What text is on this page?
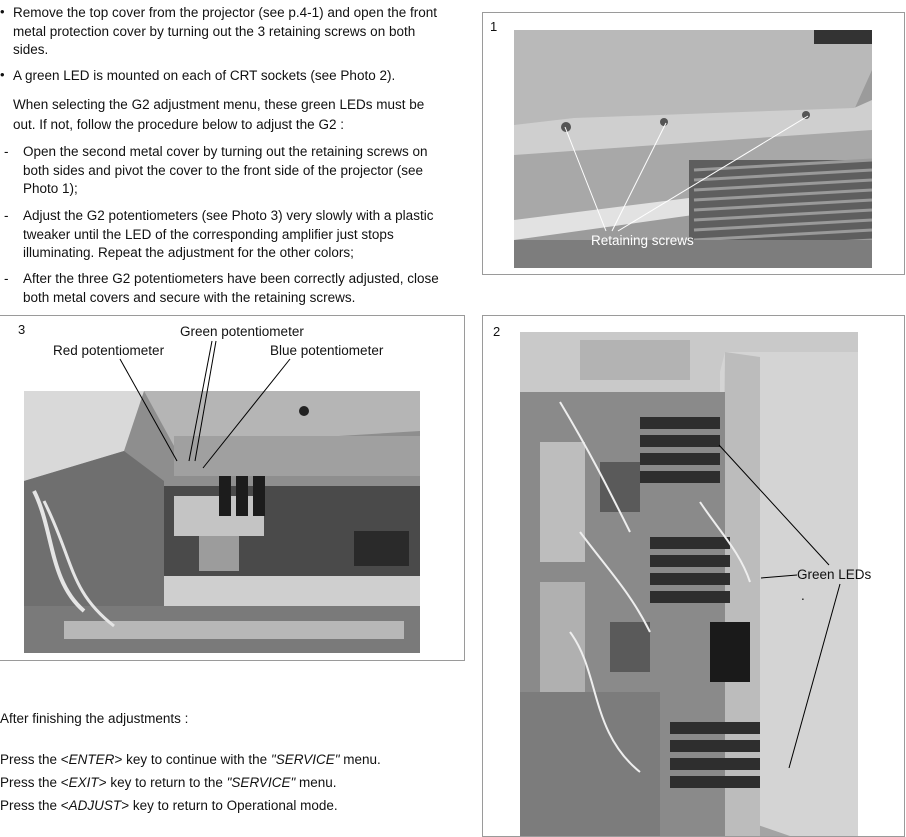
• Remove the top cover from the projector (see p.4-1) and open the front metal protection cover by turning out the 3 retaining screws on both sides.
• A green LED is mounted on each of CRT sockets (see Photo 2).
When selecting the G2 adjustment menu, these green LEDs must be out. If not, follow the procedure below to adjust the G2 :
- Open the second metal cover by turning out the retaining screws on both sides and pivot the cover to the front side of the projector (see Photo 1);
- Adjust the G2 potentiometers (see Photo 3) very slowly with a plastic tweaker until the LED of the corresponding amplifier just stops illuminating. Repeat the adjustment for the other colors;
- After the three G2 potentiometers have been correctly adjusted, close both metal covers and secure with the retaining screws.
1
Retaining screws
3	Green potentiometer
Red potentiometer	Blue potentiometer
2
Green LEDs
.
After finishing the adjustments :
Press the <ENTER> key to continue with the "SERVICE" menu.
Press the <EXIT> key to return to the "SERVICE" menu.
Press the <ADJUST> key to return to Operational mode.
